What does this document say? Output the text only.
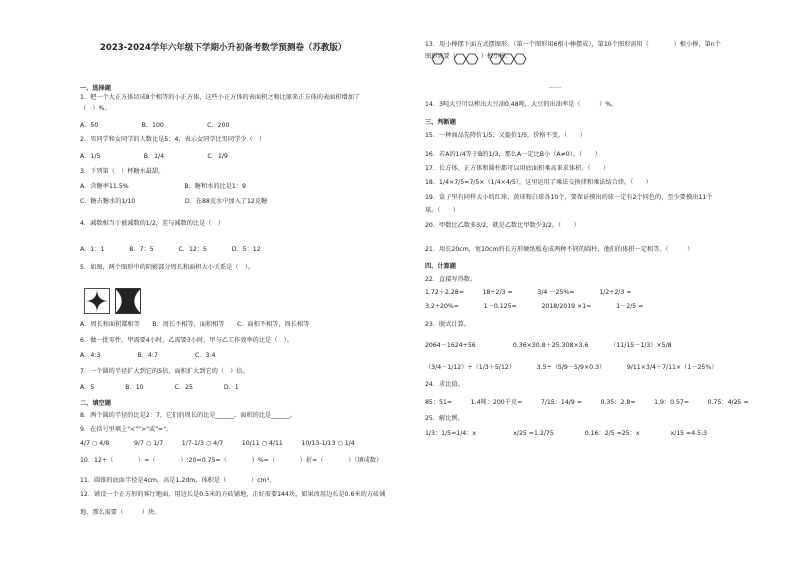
2023-2024学年六年级下学期小升初备考数学预测卷（苏教版）
一、选择题
1．把一个大正方体切成8个相等的小正方体，这些小正方体的表面积之和比原来正方体的表面积增加了
（　）%。
A．50　　　　　　　B．100　　　　　　　C．200
2．男同学和女同学的人数比是5：4，表示女同学比男同学少（　）
A．1/5　　　　　　　B．1/4　　　　　　　C．1/9
3．下列第（　）杯糖水最甜。
A．含糖率11.5%　　　　　　　　　B．糖和水的比是1：9
C．糖占糖水的1/10　　　　　　　　D．在88克水中加入了12克糖
4．减数相当于被减数的1/2，差与减数的比是（　）
A．1：1　　　　B．7：5　　　　C．12：5　　　　D．5：12
5．如图，两个图形中的阴影部分周长和面积大小关系是（　）。
A．周长和面积都相等　　B．周长不相等，面积相等　　C．面积不相等，周长相等
6．做一批零件，甲需要4小时，乙需要3小时，甲与乙工作效率的比是（　）。
A．4:3　　　　　　B．4:7　　　　　　C．3:4
7．一个圆的半径扩大到它的5倍，面积扩大到它的（　）倍。
A．5　　　　　B．10　　　　　C．25　　　　　D．1
二、填空题
8．两个圆的半径的比是2：7，它们的周长的比是______，面积的比是______。
9．在括号里填上"<"">"或"="。
4/7 ○ 4/8　　　　9/7 ○ 1/7　　　1/7-1/3 ○ 4/7　　　10/11 ○ 4/11　　　10/13-1/13 ○ 1/4
10．12÷（　　　　）=（　　　　）:20=0.75=（　　　　）%=（　　　　）折=（　　　　）（填成数）
11．圆锥的底面半径是4cm，高是1.2dm，体积是（　　　　）cm³。
12．铺设一个正方形的客厅地面，用边长是0.5米的方砖铺地，正好需要144块，如果改用边长是0.6米的方砖铺
地，那么需要（　　　）块。
13．用小棒摆下面方式摆图形。（第一个图形用6根小棒摆成），第10个图形需用（　　　　）根小棒，第n个
图形需要（　　　　）根小棒。
　　　　　　　　　　　　　　　　　　　　……
14．3吨大豆可以榨出大豆油0.48吨，大豆的出油率是（　　　）%。
三、判断题
15．一种商品先降价1/5，又提价1/5，价格不变。（　　）
16．若A的1/4等于B的1/3，那么A一定比B小（A≠0）。（　　）
17．长方体、正方体和圆柱都可以用底面积乘高来求体积。（　　）
18．1/4×7/5=7/5×（1/4×4/5），这里运用了乘法交换律和乘法结合律。（　　）
19．盒子里有同样大小的红球、黄球和白球各10个，要保证摸出的球一定有2个同色的，至少要摸出11个
球。（　　）
20．甲数比乙数多3/2，就是乙数比甲数少3/2。（　　）
21．用长20cm，宽10cm的长方形硬纸板卷成两种不同的圆柱，他们的体积一定相等。（　　　）
四、计算题
22．直接写得数。
1.72＋2.28=　　　18÷2/3 =　　　　3/4 －25%=　　　　1/2÷2/3 =
3.2÷20%=　　　　1－0.125=　　　　2018/2019 ×1=　　　　1－2/5 =
23．脱式计算。
2064－1624÷56　　　　　　0.36×30.8＋25.308×3.6　　　　（11/15－1/3）×5/8
（3/4－1/12）÷（1/3＋5/12）　　　　3.5÷（5/9－5/9×0.3）　　　　9/11×3/4＋7/11×（1－25%）
24．求比值。
85：51=　　　1.4吨：200千克=　　　7/15：14/9 =　　　0.35：2.8=　　　1.9：0.57=　　　0.75：4/25 =
25．解比例。
1/3：1/5=1/4：x　　　　　　x/25 =1.2/75　　　　　0.16：2/5 =25：x　　　　　x/15 =4.5:3
